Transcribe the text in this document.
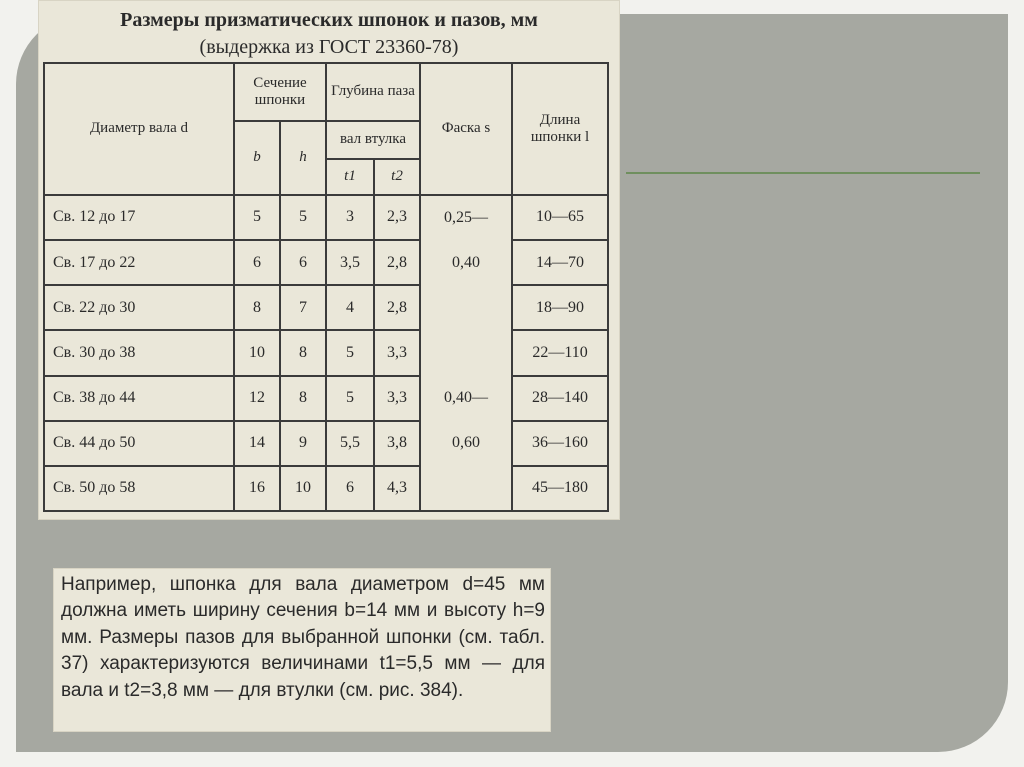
Размеры призматических шпонок и пазов, мм
(выдержка из ГОСТ 23360-78)
Диаметр вала d	Сечение шпонки		Глубина паза		Фаска s	Длина шпонки l
	b	h	вал втулка			
			t1	t2		
Св. 12 до 17	5	5	3	2,3	0,25—	10—65
Св. 17 до 22	6	6	3,5	2,8	0,40	14—70
Св. 22 до 30	8	7	4	2,8		18—90
Св. 30 до 38	10	8	5	3,3		22—110
Св. 38 до 44	12	8	5	3,3	0,40—	28—140
Св. 44 до 50	14	9	5,5	3,8	0,60	36—160
Св. 50 до 58	16	10	6	4,3		45—180
Например, шпонка для вала диаметром d=45 мм должна иметь ширину сечения b=14 мм и высоту h=9 мм. Размеры пазов для выбранной шпонки (см. табл. 37) характеризуются величинами t1=5,5 мм — для вала и t2=3,8 мм — для втулки (см. рис. 384).
